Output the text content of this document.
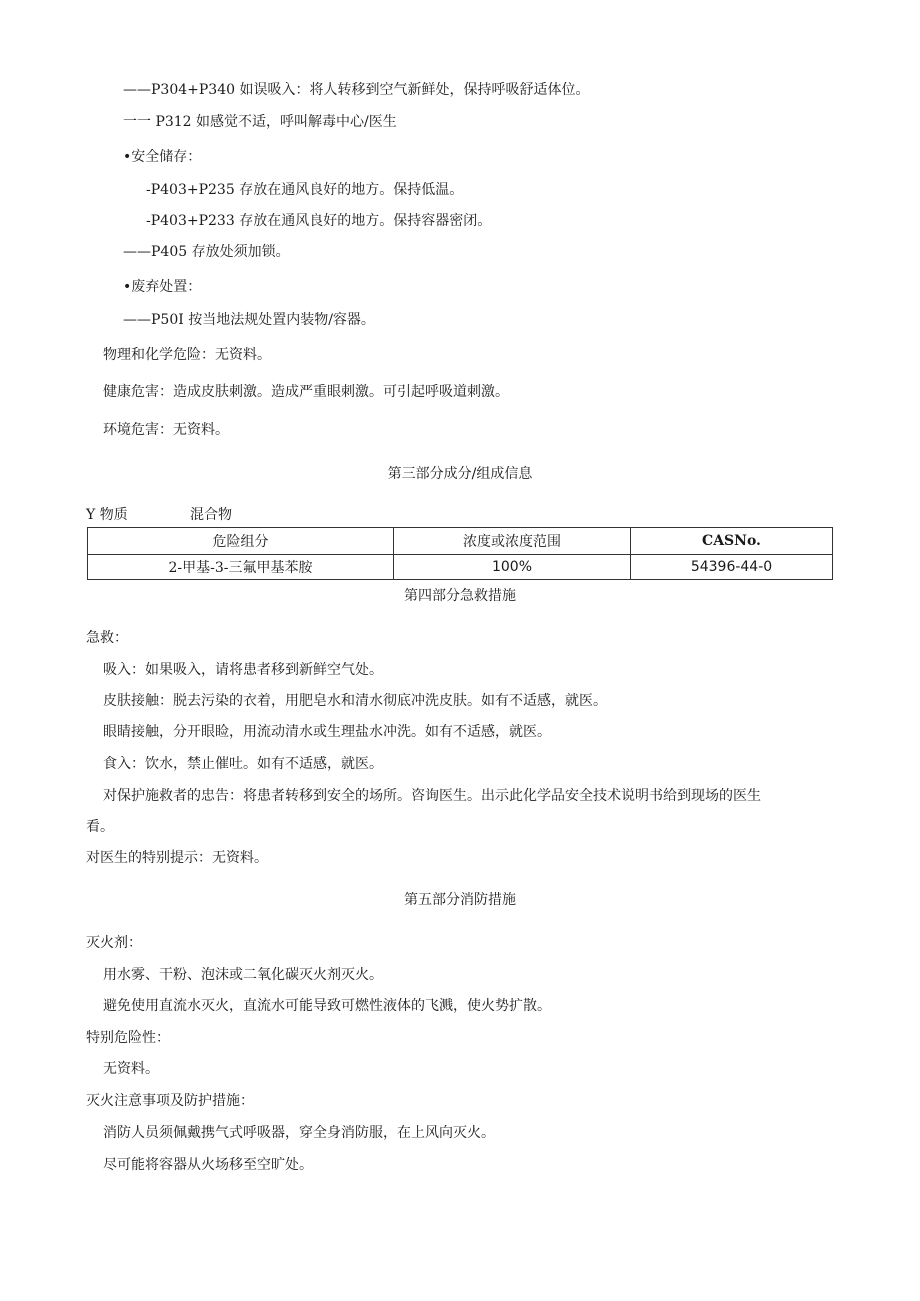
——P304+P340 如误吸入：将人转移到空气新鲜处，保持呼吸舒适体位。
一一 P312 如感觉不适，呼叫解毒中心/医生
•安全储存：
-P403+P235 存放在通风良好的地方。保持低温。
-P403+P233 存放在通风良好的地方。保持容器密闭。
——P405 存放处须加锁。
•废弃处置：
——P50I 按当地法规处置内装物/容器。
物理和化学危险：无资料。
健康危害：造成皮肤刺激。造成严重眼刺激。可引起呼吸道刺激。
环境危害：无资料。
第三部分成分/组成信息
Y 物质	混合物
危险组分	浓度或浓度范围	CASNo.
2-甲基-3-三氟甲基苯胺	100%	54396-44-0
第四部分急救措施
急救：
吸入：如果吸入，请将患者移到新鲜空气处。
皮肤接触：脱去污染的衣着，用肥皂水和清水彻底冲洗皮肤。如有不适感，就医。
眼睛接触，分开眼睑，用流动清水或生理盐水冲洗。如有不适感，就医。
食入：饮水，禁止催吐。如有不适感，就医。
对保护施救者的忠告：将患者转移到安全的场所。咨询医生。出示此化学品安全技术说明书给到现场的医生
看。
对医生的特别提示：无资料。
第五部分消防措施
灭火剂：
用水雾、干粉、泡沫或二氧化碳灭火剂灭火。
避免使用直流水灭火，直流水可能导致可燃性液体的飞溅，使火势扩散。
特别危险性：
无资料。
灭火注意事项及防护措施：
消防人员须佩戴携气式呼吸器，穿全身消防服，在上风向灭火。
尽可能将容器从火场移至空旷处。
